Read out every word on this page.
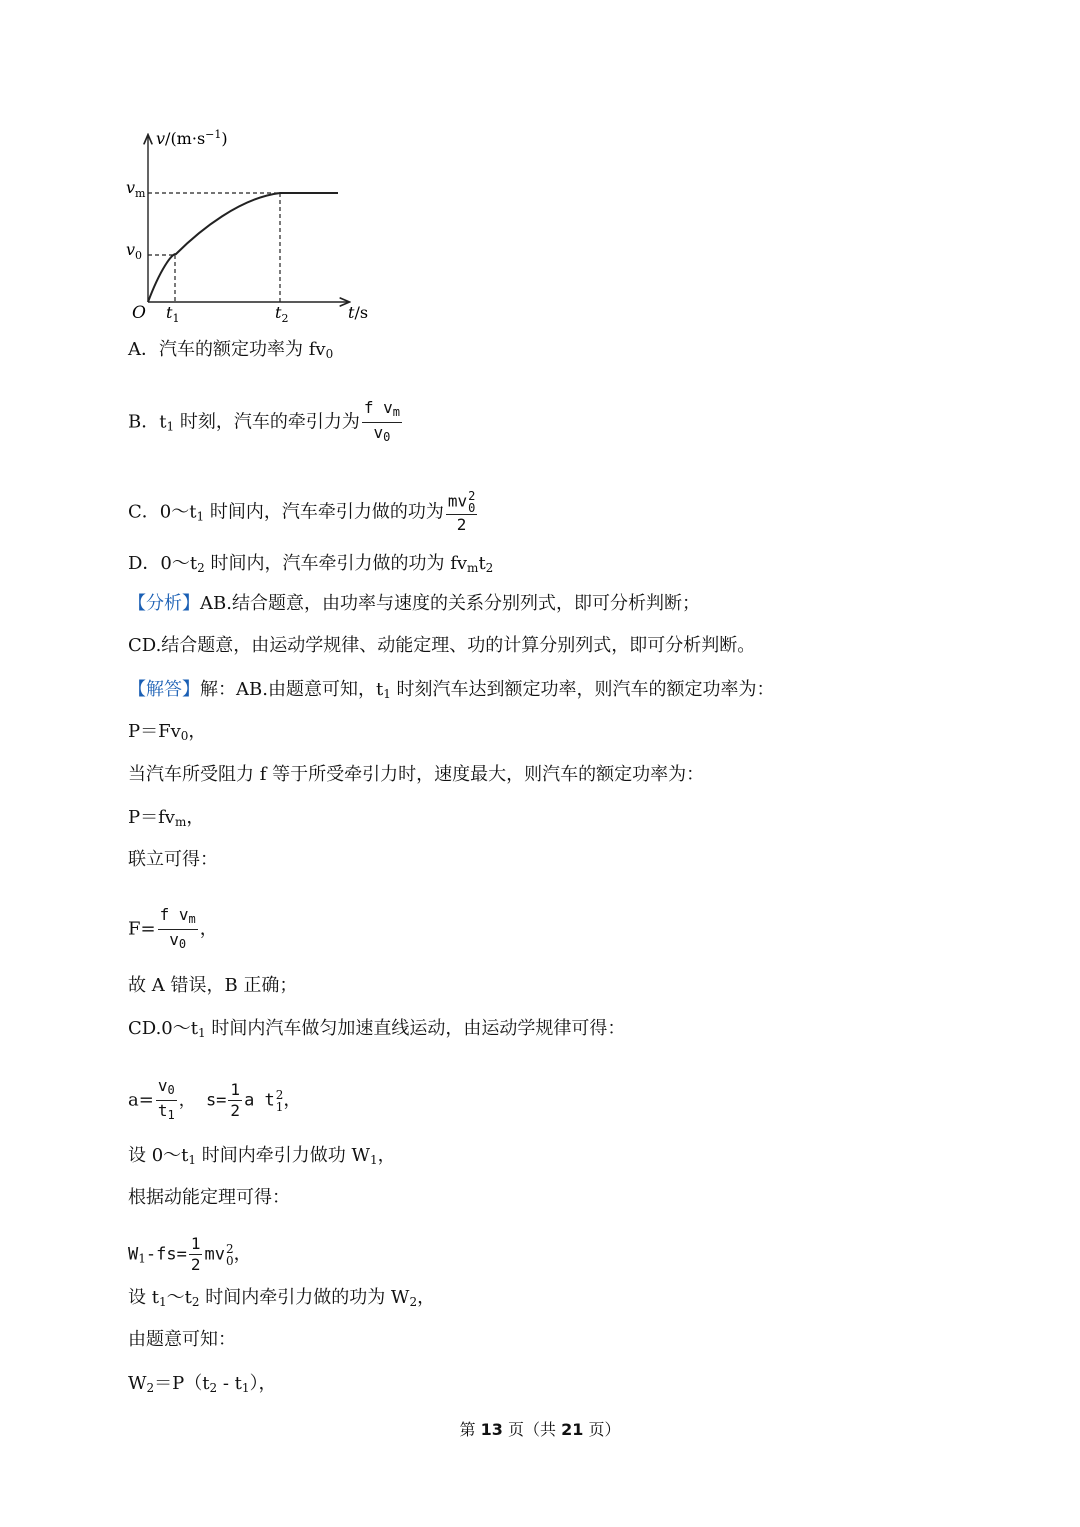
$v/(m\cdot s^{-1})$
$v_m$
$v_0$
O $t_1$	$t_2$	t/s
A．汽车的额定功率为 $fv_0$
B．$t_1$ 时刻，汽车的牵引力为 $\frac{f v_m}{v_0}$
C．$0\sim t_1$ 时间内，汽车牵引力做的功为 mv 2
0
2
D．$0\sim t_2$ 时间内，汽车牵引力做的功为 $fv_mt_2$
【分析】AB.结合题意，由功率与速度的关系分别列式，即可分析判断；
CD.结合题意，由运动学规律、动能定理、功的计算分别列式，即可分析判断。
【解答】解：AB.由题意可知，$t_1$ 时刻汽车达到额定功率，则汽车的额定功率为：
$P=Fv_0$，
当汽车所受阻力 f 等于所受牵引力时，速度最大，则汽车的额定功率为：
$P=fv_m$，
联立可得：
$F= \frac{f v_m}{v_0}$ ，
故 A 错误，B 正确；
$CD.0\sim t_1$ 时间内汽车做匀加速直线运动，由运动学规律可得：
$a= \frac{v_0}{t_1}$ ， $s= \frac{1}{2}$ a t 2
1 ，
设 $0\sim t_1$ 时间内牵引力做功 $W_1$，
根据动能定理可得：
$W_1-fs= \frac{1}{2}$ mv 2
0 ，
设 $t_1\sim t_2$ 时间内牵引力做的功为 $W_2$，
由题意可知：
$W_2=P(t_2 - t_1)$，
第 13 页（共 21 页）
